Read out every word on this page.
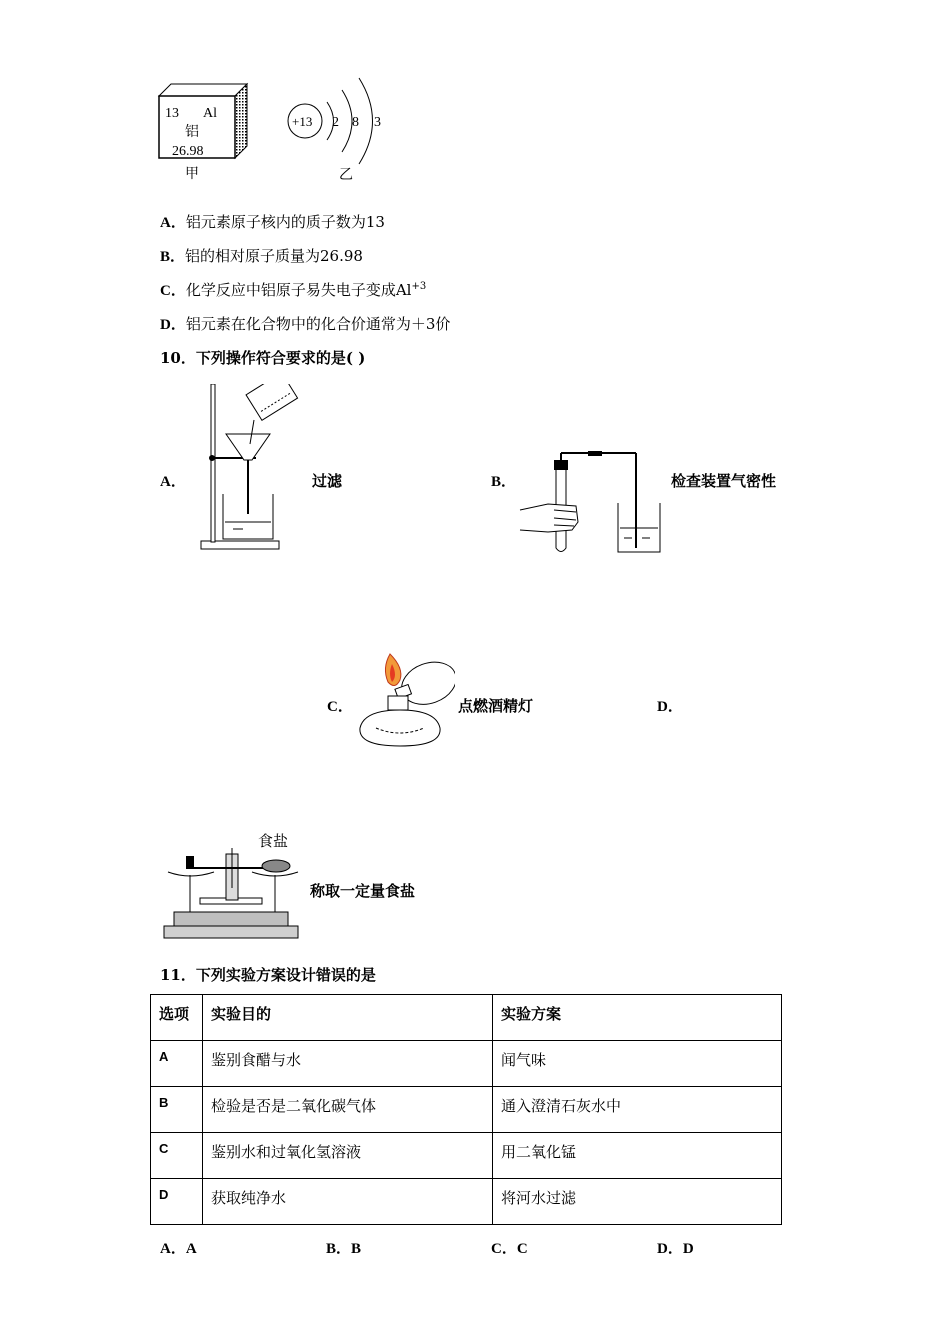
13 Al
铝
26.98
甲
+13 2 8 3
乙
A．铝元素原子核内的质子数为13
B．铝的相对原子质量为26.98
C．化学反应中铝原子易失电子变成$Al^{+3}$
D．铝元素在化合物中的化合价通常为＋3价
10．下列操作符合要求的是( )
A．	过滤	B．	检查装置气密性
C．	点燃酒精灯	D．
食盐
称取一定量食盐
11．下列实验方案设计错误的是
选项	实验目的	实验方案
A	鉴别食醋与水	闻气味
B	检验是否是二氧化碳气体	通入澄清石灰水中
C	鉴别水和过氧化氢溶液	用二氧化锰
D	获取纯净水	将河水过滤
A．A	B．B	C．C	D．D
